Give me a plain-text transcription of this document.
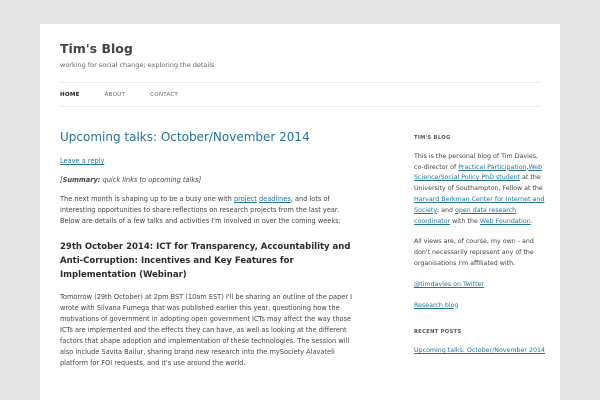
Tim's Blog
working for social change; exploring the details
HOME	ABOUT	CONTACT
Upcoming talks: October/November 2014
Leave a reply
[Summary: quick links to upcoming talks]
The next month is shaping up to be a busy one with project deadlines, and lots of interesting opportunities to share reflections on research projects from the last year. Below are details of a few talks and activities I'm involved in over the coming weeks:
29th October 2014: ICT for Transparency, Accountability and Anti-Corruption: Incentives and Key Features for Implementation (Webinar)
Tomorrow (29th October) at 2pm BST (10am EST) I'll be sharing an outline of the paper I wrote with Silvana Fumega that was published earlier this year, questioning how the motivations of government in adopting open government ICTs may affect the way those ICTs are implemented and the effects they can have, as well as looking at the different factors that shape adoption and implementation of these technologies. The session will also include Savita Bailur, sharing brand new research into the mySociety Alavateli platform for FOI requests, and it's use around the world.
TIM'S BLOG
This is the personal blog of Tim Davies, co-director of Practical Participation,Web Science/Social Policy PhD student at the University of Southampton, Fellow at the Harvard Berkman Center for Internet and Society, and open data research coordinator with the Web Foundation.
All views are, of course, my own - and don't necessarily represent any of the organisations I'm affiliated with.
@timdavies on Twitter
Research blog
RECENT POSTS
Upcoming talks: October/November 2014
